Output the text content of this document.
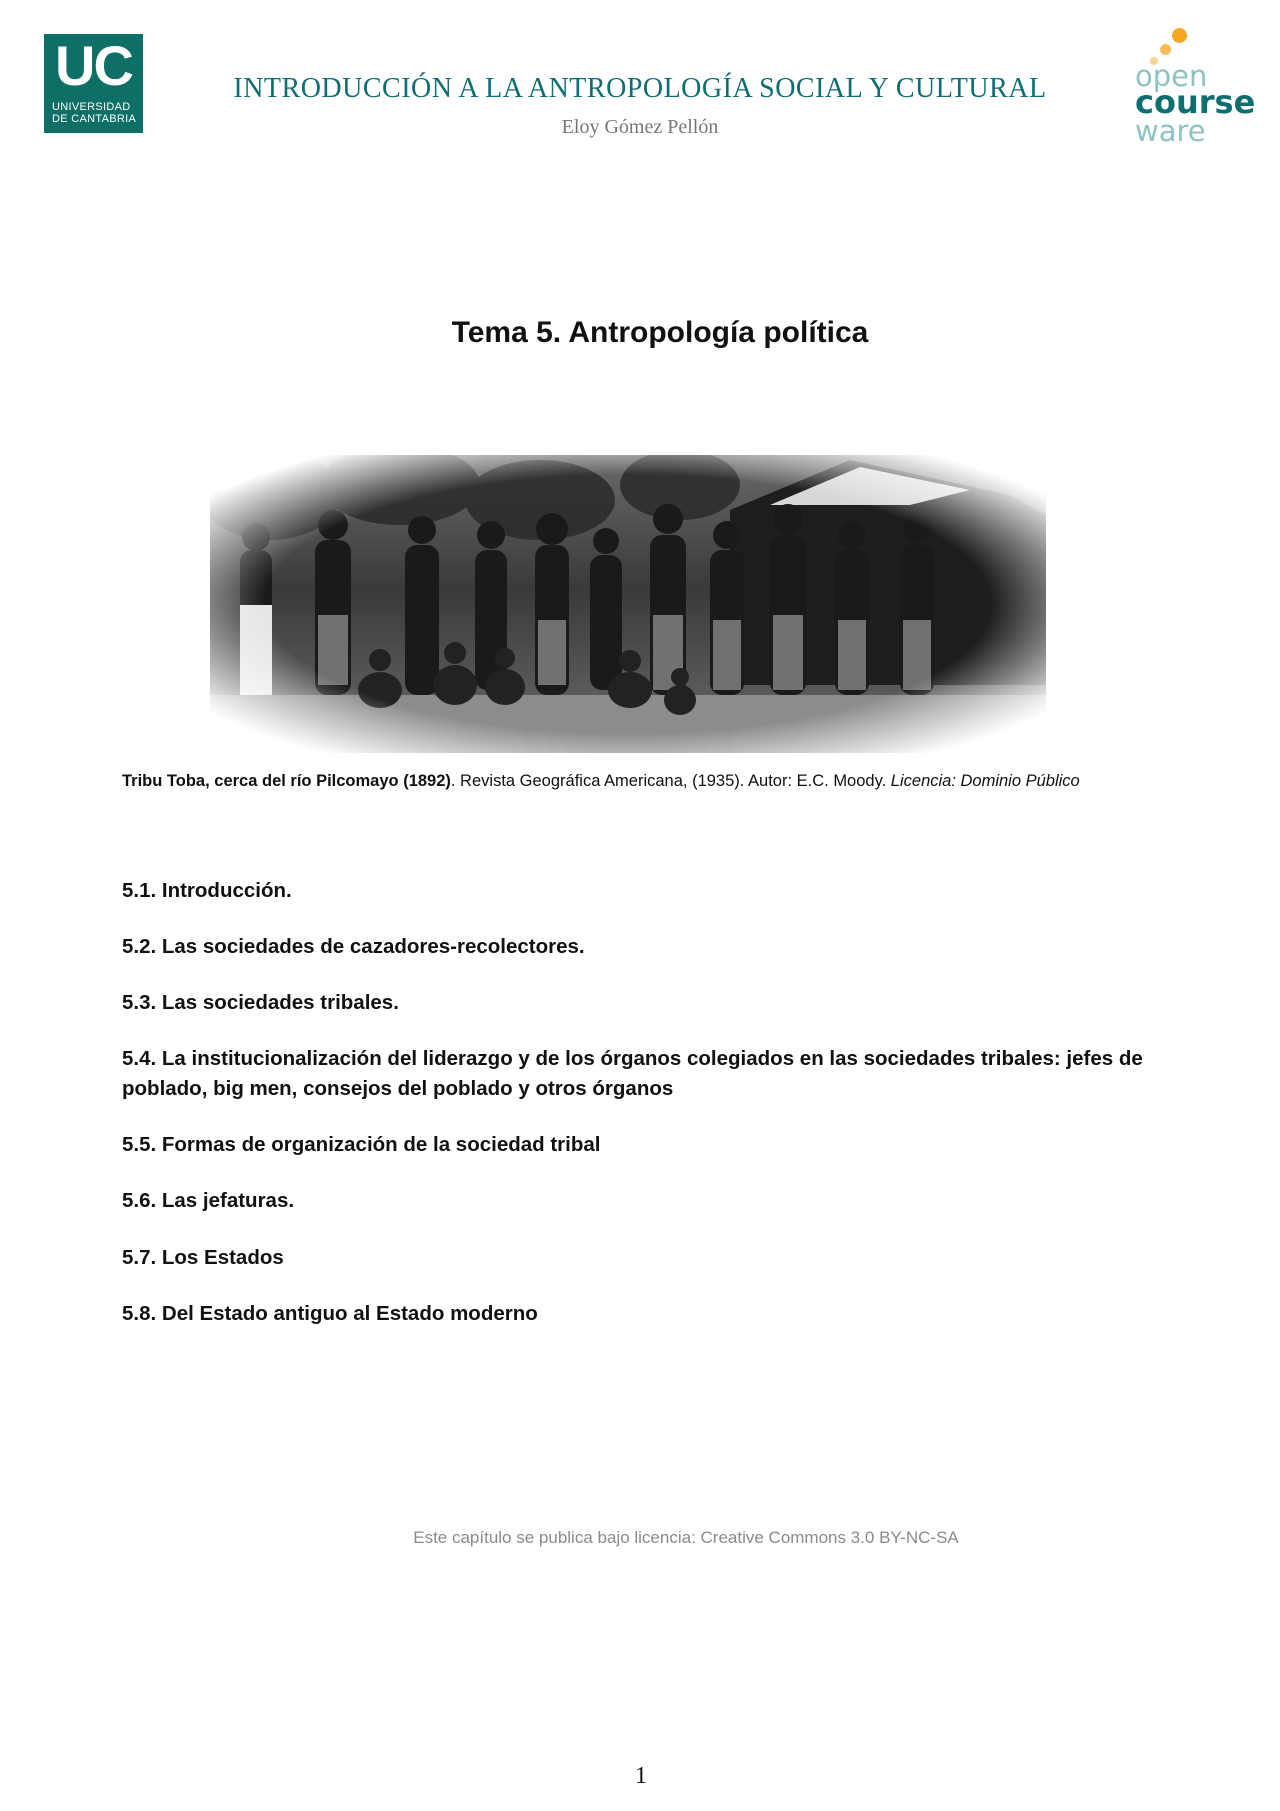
UC
UNIVERSIDAD
DE CANTABRIA
INTRODUCCIÓN A LA ANTROPOLOGÍA SOCIAL Y CULTURAL
Eloy Gómez Pellón
open
course
ware
Tema 5. Antropología política
Tribu Toba, cerca del río Pilcomayo (1892). Revista Geográfica Americana, (1935). Autor: E.C. Moody. Licencia: Dominio Público
5.1. Introducción.
5.2. Las sociedades de cazadores-recolectores.
5.3. Las sociedades tribales.
5.4. La institucionalización del liderazgo y de los órganos colegiados en las sociedades tribales: jefes de poblado, big men, consejos del poblado y otros órganos
5.5. Formas de organización de la sociedad tribal
5.6. Las jefaturas.
5.7. Los Estados
5.8. Del Estado antiguo al Estado moderno
Este capítulo se publica bajo licencia: Creative Commons 3.0 BY-NC-SA
1
